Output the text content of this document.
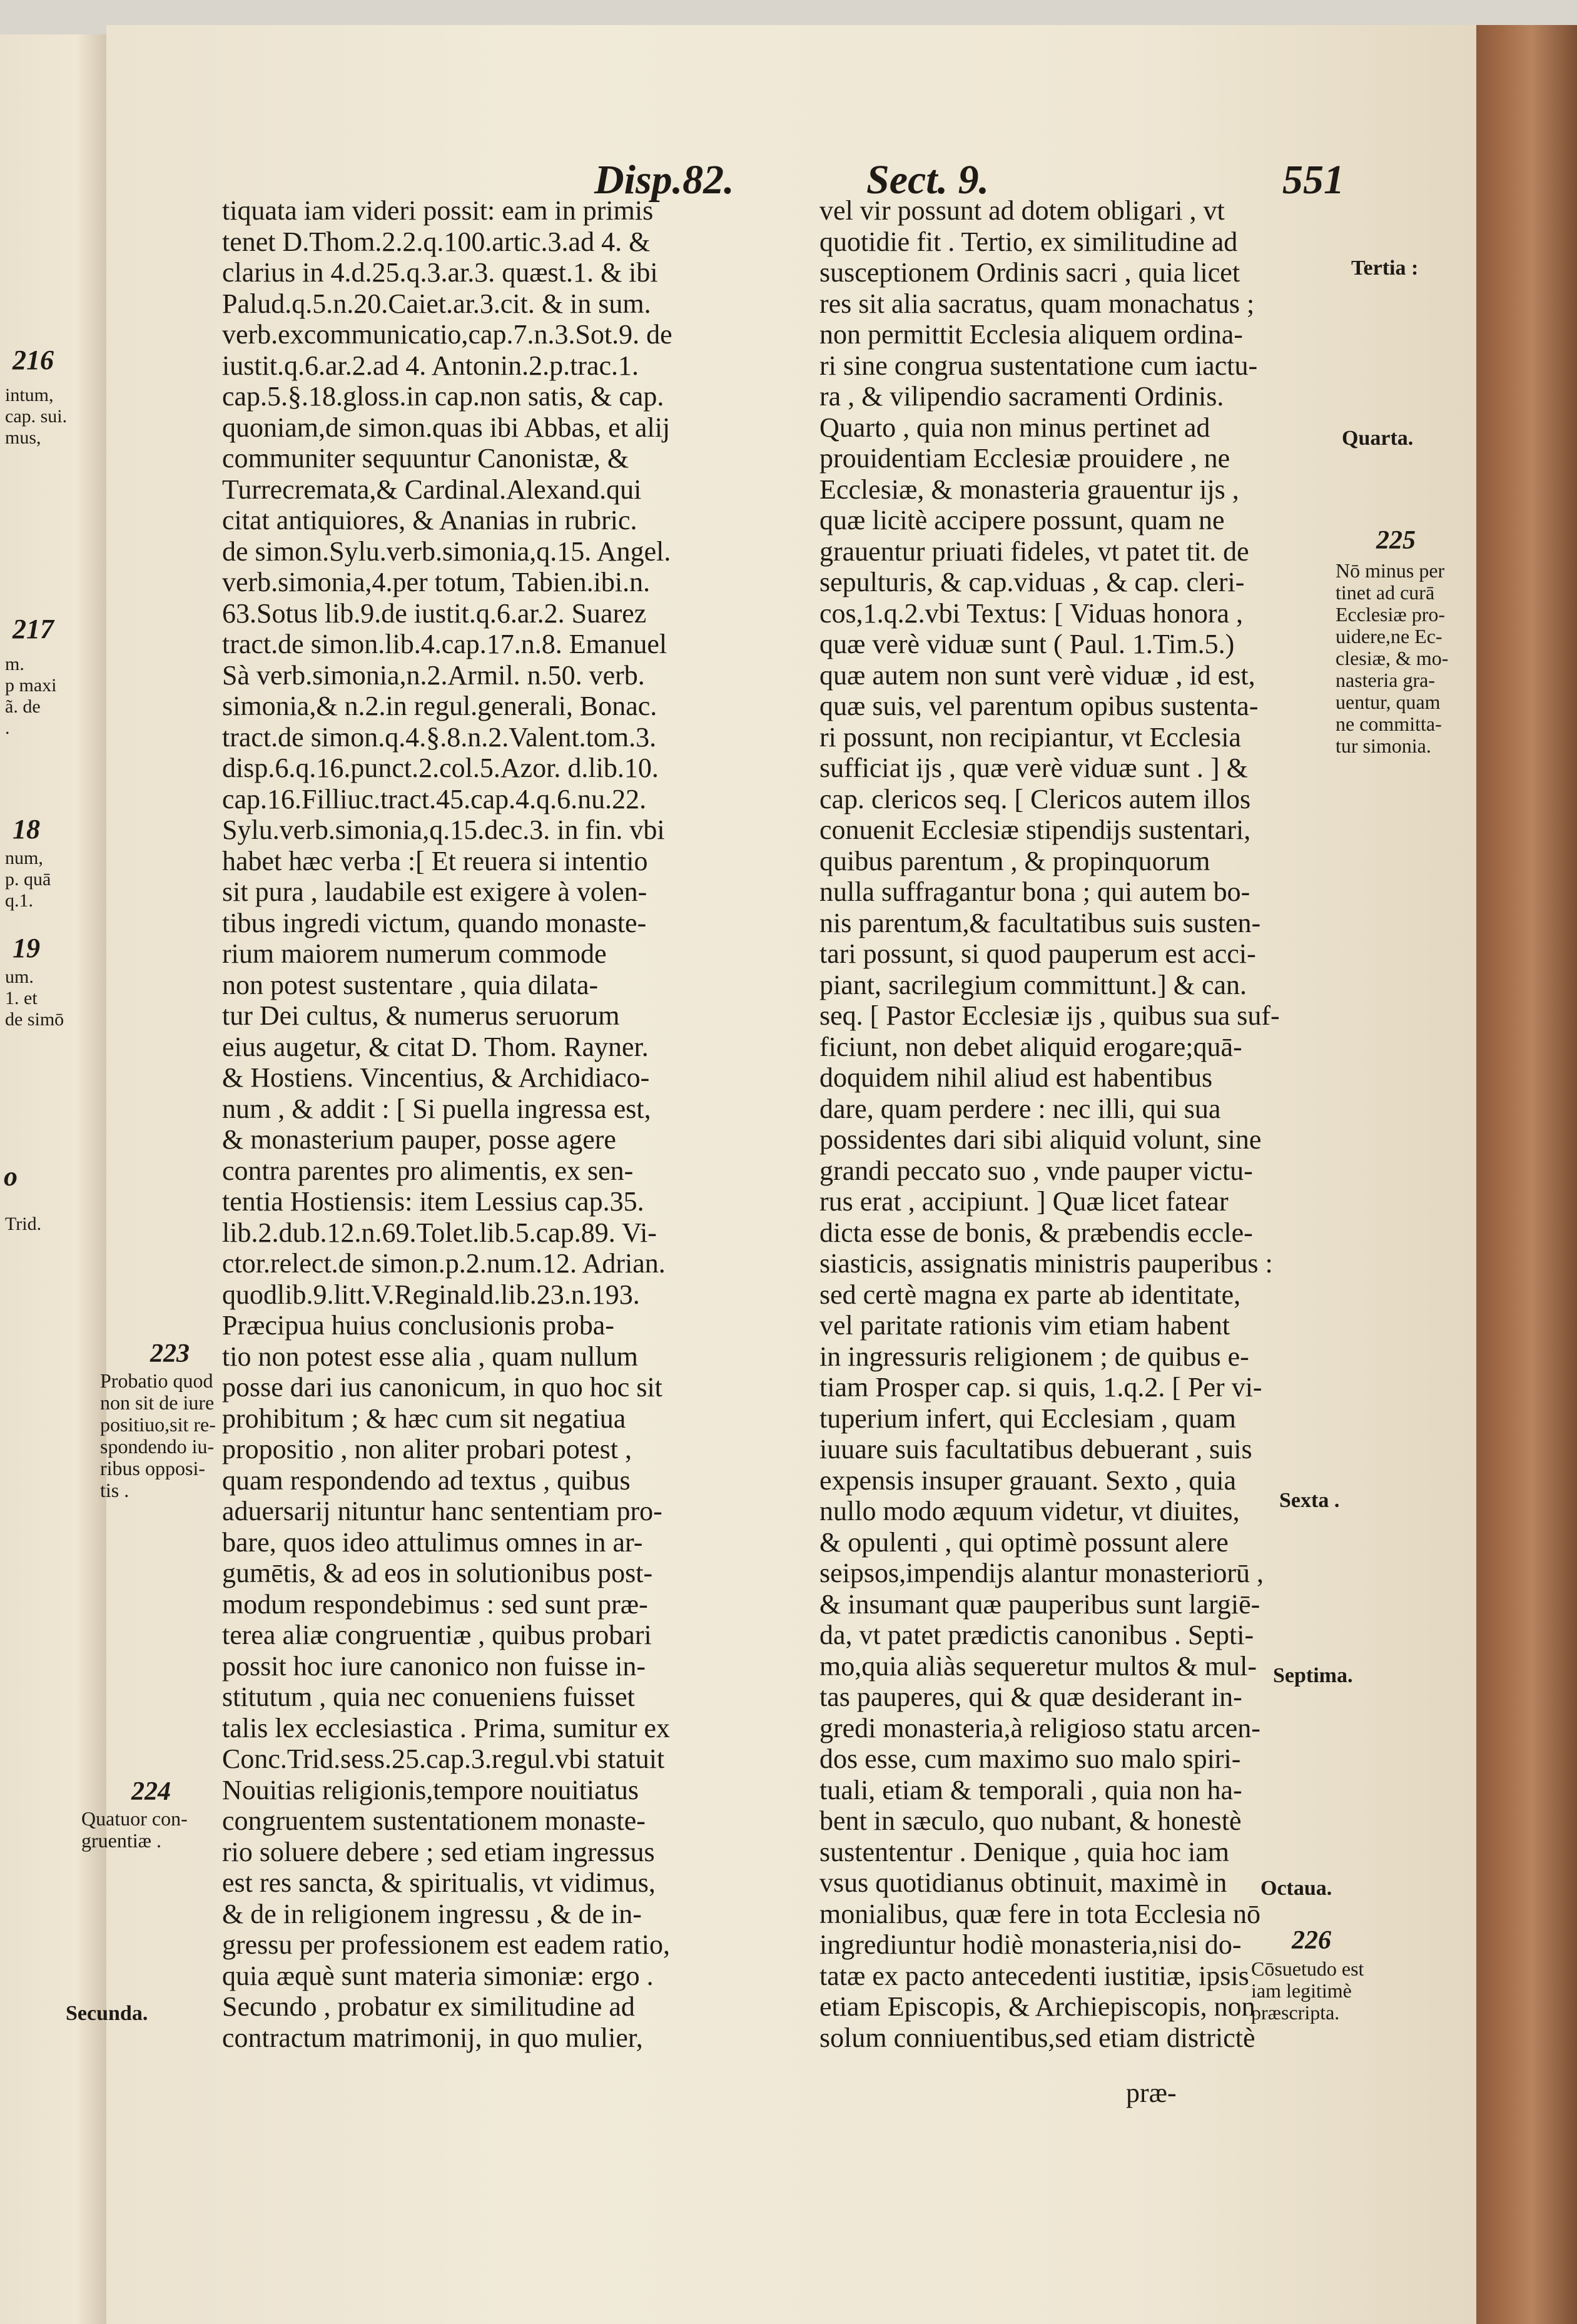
216
intum,
cap. sui.
mus,
217
m.
p maxi
ã. de
.
18
num,
p. quā
q.1.
19
um.
1. et
de simō
o
Trid.
Disp.82.	Sect. 9.	551
tiquata iam videri possit: eam in primis
tenet D.Thom.2.2.q.100.artic.3.ad 4. &
clarius in 4.d.25.q.3.ar.3. quæst.1. & ibi
Palud.q.5.n.20.Caiet.ar.3.cit. & in sum.
verb.excommunicatio,cap.7.n.3.Sot.9. de
iustit.q.6.ar.2.ad 4. Antonin.2.p.trac.1.
cap.5.§.18.gloss.in cap.non satis, & cap.
quoniam,de simon.quas ibi Abbas, et alij
communiter sequuntur Canonistæ, &
Turrecremata,& Cardinal.Alexand.qui
citat antiquiores, & Ananias in rubric.
de simon.Sylu.verb.simonia,q.15. Angel.
verb.simonia,4.per totum, Tabien.ibi.n.
63.Sotus lib.9.de iustit.q.6.ar.2. Suarez
tract.de simon.lib.4.cap.17.n.8. Emanuel
Sà verb.simonia,n.2.Armil. n.50. verb.
simonia,& n.2.in regul.generali, Bonac.
tract.de simon.q.4.§.8.n.2.Valent.tom.3.
disp.6.q.16.punct.2.col.5.Azor. d.lib.10.
cap.16.Filliuc.tract.45.cap.4.q.6.nu.22.
Sylu.verb.simonia,q.15.dec.3. in fin. vbi
habet hæc verba :[ Et reuera si intentio
sit pura , laudabile est exigere à volen-
tibus ingredi victum, quando monaste-
rium maiorem numerum commode
non potest sustentare , quia dilata-
tur Dei cultus, & numerus seruorum
eius augetur, & citat D. Thom. Rayner.
& Hostiens. Vincentius, & Archidiaco-
num , & addit : [ Si puella ingressa est,
& monasterium pauper, posse agere
contra parentes pro alimentis, ex sen-
tentia Hostiensis: item Lessius cap.35.
lib.2.dub.12.n.69.Tolet.lib.5.cap.89. Vi-
ctor.relect.de simon.p.2.num.12. Adrian.
quodlib.9.litt.V.Reginald.lib.23.n.193.
Præcipua huius conclusionis proba-
tio non potest esse alia , quam nullum
posse dari ius canonicum, in quo hoc sit
prohibitum ; & hæc cum sit negatiua
propositio , non aliter probari potest ,
quam respondendo ad textus , quibus
aduersarij nituntur hanc sententiam pro-
bare, quos ideo attulimus omnes in ar-
gumētis, & ad eos in solutionibus post-
modum respondebimus : sed sunt præ-
terea aliæ congruentiæ , quibus probari
possit hoc iure canonico non fuisse in-
stitutum , quia nec conueniens fuisset
talis lex ecclesiastica . Prima, sumitur ex
Conc.Trid.sess.25.cap.3.regul.vbi statuit
Nouitias religionis,tempore nouitiatus
congruentem sustentationem monaste-
rio soluere debere ; sed etiam ingressus
est res sancta, & spiritualis, vt vidimus,
& de in religionem ingressu , & de in-
gressu per professionem est eadem ratio,
quia æquè sunt materia simoniæ: ergo .
Secundo , probatur ex similitudine ad
contractum matrimonij, in quo mulier,
vel vir possunt ad dotem obligari , vt
quotidie fit . Tertio, ex similitudine ad
susceptionem Ordinis sacri , quia licet
res sit alia sacratus, quam monachatus ;
non permittit Ecclesia aliquem ordina-
ri sine congrua sustentatione cum iactu-
ra , & vilipendio sacramenti Ordinis.
Quarto , quia non minus pertinet ad
prouidentiam Ecclesiæ prouidere , ne
Ecclesiæ, & monasteria grauentur ijs ,
quæ licitè accipere possunt, quam ne
grauentur priuati fideles, vt patet tit. de
sepulturis, & cap.viduas , & cap. cleri-
cos,1.q.2.vbi Textus: [ Viduas honora ,
quæ verè viduæ sunt ( Paul. 1.Tim.5.)
quæ autem non sunt verè viduæ , id est,
quæ suis, vel parentum opibus sustenta-
ri possunt, non recipiantur, vt Ecclesia
sufficiat ijs , quæ verè viduæ sunt . ] &
cap. clericos seq. [ Clericos autem illos
conuenit Ecclesiæ stipendijs sustentari,
quibus parentum , & propinquorum
nulla suffragantur bona ; qui autem bo-
nis parentum,& facultatibus suis susten-
tari possunt, si quod pauperum est acci-
piant, sacrilegium committunt.] & can.
seq. [ Pastor Ecclesiæ ijs , quibus sua suf-
ficiunt, non debet aliquid erogare;quā-
doquidem nihil aliud est habentibus
dare, quam perdere : nec illi, qui sua
possidentes dari sibi aliquid volunt, sine
grandi peccato suo , vnde pauper victu-
rus erat , accipiunt. ] Quæ licet fatear
dicta esse de bonis, & præbendis eccle-
siasticis, assignatis ministris pauperibus :
sed certè magna ex parte ab identitate,
vel paritate rationis vim etiam habent
in ingressuris religionem ; de quibus e-
tiam Prosper cap. si quis, 1.q.2. [ Per vi-
tuperium infert, qui Ecclesiam , quam
iuuare suis facultatibus debuerant , suis
expensis insuper grauant. Sexto , quia
nullo modo æquum videtur, vt diuites,
& opulenti , qui optimè possunt alere
seipsos,impendijs alantur monasteriorū ,
& insumant quæ pauperibus sunt largiē-
da, vt patet prædictis canonibus . Septi-
mo,quia aliàs sequeretur multos & mul-
tas pauperes, qui & quæ desiderant in-
gredi monasteria,à religioso statu arcen-
dos esse, cum maximo suo malo spiri-
tuali, etiam & temporali , quia non ha-
bent in sæculo, quo nubant, & honestè
sustententur . Denique , quia hoc iam
vsus quotidianus obtinuit, maximè in
monialibus, quæ fere in tota Ecclesia nō
ingrediuntur hodiè monasteria,nisi do-
tatæ ex pacto antecedenti iustitiæ, ipsis
etiam Episcopis, & Archiepiscopis, non
solum conniuentibus,sed etiam districtè
præ-
223
Probatio quod
non sit de iure
positiuo,sit re-
spondendo iu-
ribus opposi-
tis .
224
Quatuor con-
gruentiæ .
Secunda.
Tertia :
Quarta.
225
Nō minus per
tinet ad curā
Ecclesiæ pro-
uidere,ne Ec-
clesiæ, & mo-
nasteria gra-
uentur, quam
ne committa-
tur simonia.
Sexta .
Septima.
Octaua.
226
Cōsuetudo est
iam legitimè
præscripta.
